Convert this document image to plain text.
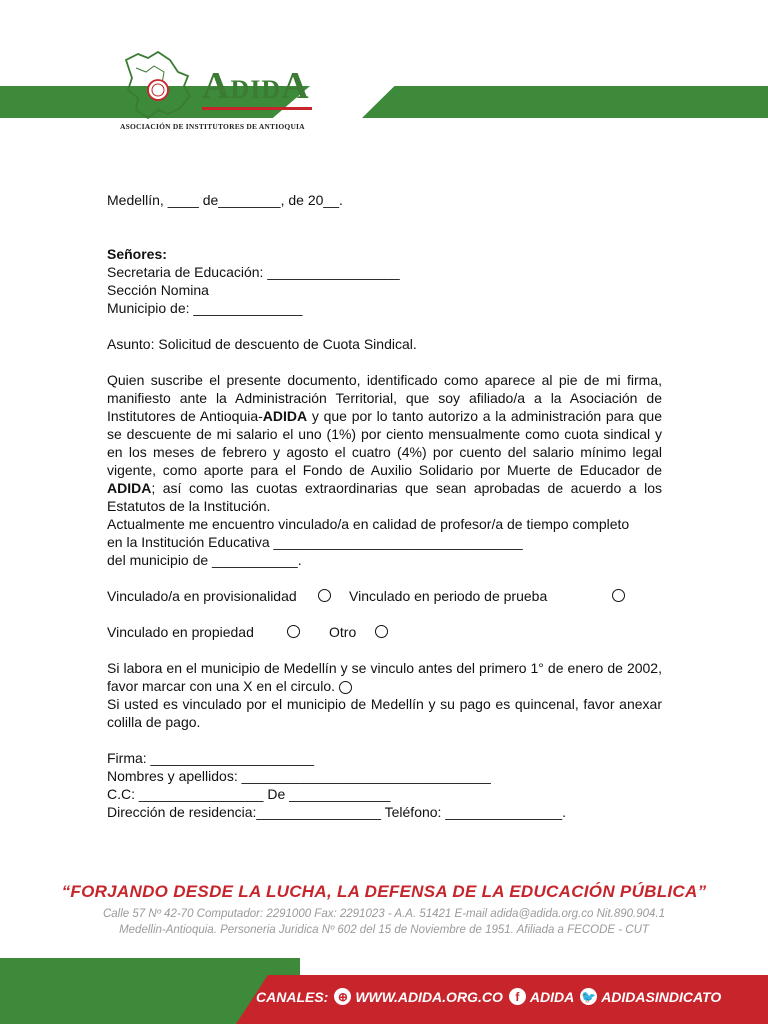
ADIDA
ASOCIACIÓN DE INSTITUTORES DE ANTIOQUIA

Medellín, ____ de________, de 20__.

Señores:

Secretaria de Educación: _________________

Sección Nomina

Municipio de: ______________

Asunto: Solicitud de descuento de Cuota Sindical.

Quien suscribe el presente documento, identificado como aparece al pie de mi firma, manifiesto ante la Administración Territorial, que soy afiliado/a a la Asociación de Institutores de Antioquia-ADIDA y que por lo tanto autorizo a la administración para que se descuente de mi salario el uno (1%) por ciento mensualmente como cuota sindical y en los meses de febrero y agosto el cuatro (4%) por cuento del salario mínimo legal vigente, como aporte para el Fondo de Auxilio Solidario por Muerte de Educador de ADIDA; así como las cuotas extraordinarias que sean aprobadas de acuerdo a los Estatutos de la Institución.

Actualmente me encuentro vinculado/a en calidad de profesor/a de tiempo completo

en la Institución Educativa ________________________________

del municipio de ___________.

Vinculado/a en provisionalidad	Vinculado en periodo de prueba
Vinculado en propiedad	Otro

Si labora en el municipio de Medellín y se vinculo antes del primero 1° de enero de 2002, favor marcar con una X en el circulo.

Si usted es vinculado por el municipio de Medellín y su pago es quincenal, favor anexar colilla de pago.

Firma: _____________________

Nombres y apellidos: ________________________________

C.C: ________________ De _____________

Dirección de residencia:________________ Teléfono: _______________.

“FORJANDO DESDE LA LUCHA, LA DEFENSA DE LA EDUCACIÓN PÚBLICA”
Calle 57 Nº 42-70 Computador: 2291000 Fax: 2291023 - A.A. 51421 E-mail adida@adida.org.co Nit.890.904.1
Medellin-Antioquia. Personeria Juridica Nº 602 del 15 de Noviembre de 1951. Afiliada a FECODE - CUT
CANALES: ⊕ WWW.ADIDA.ORG.CO	f ADIDA 🐦 ADIDASINDICATO
